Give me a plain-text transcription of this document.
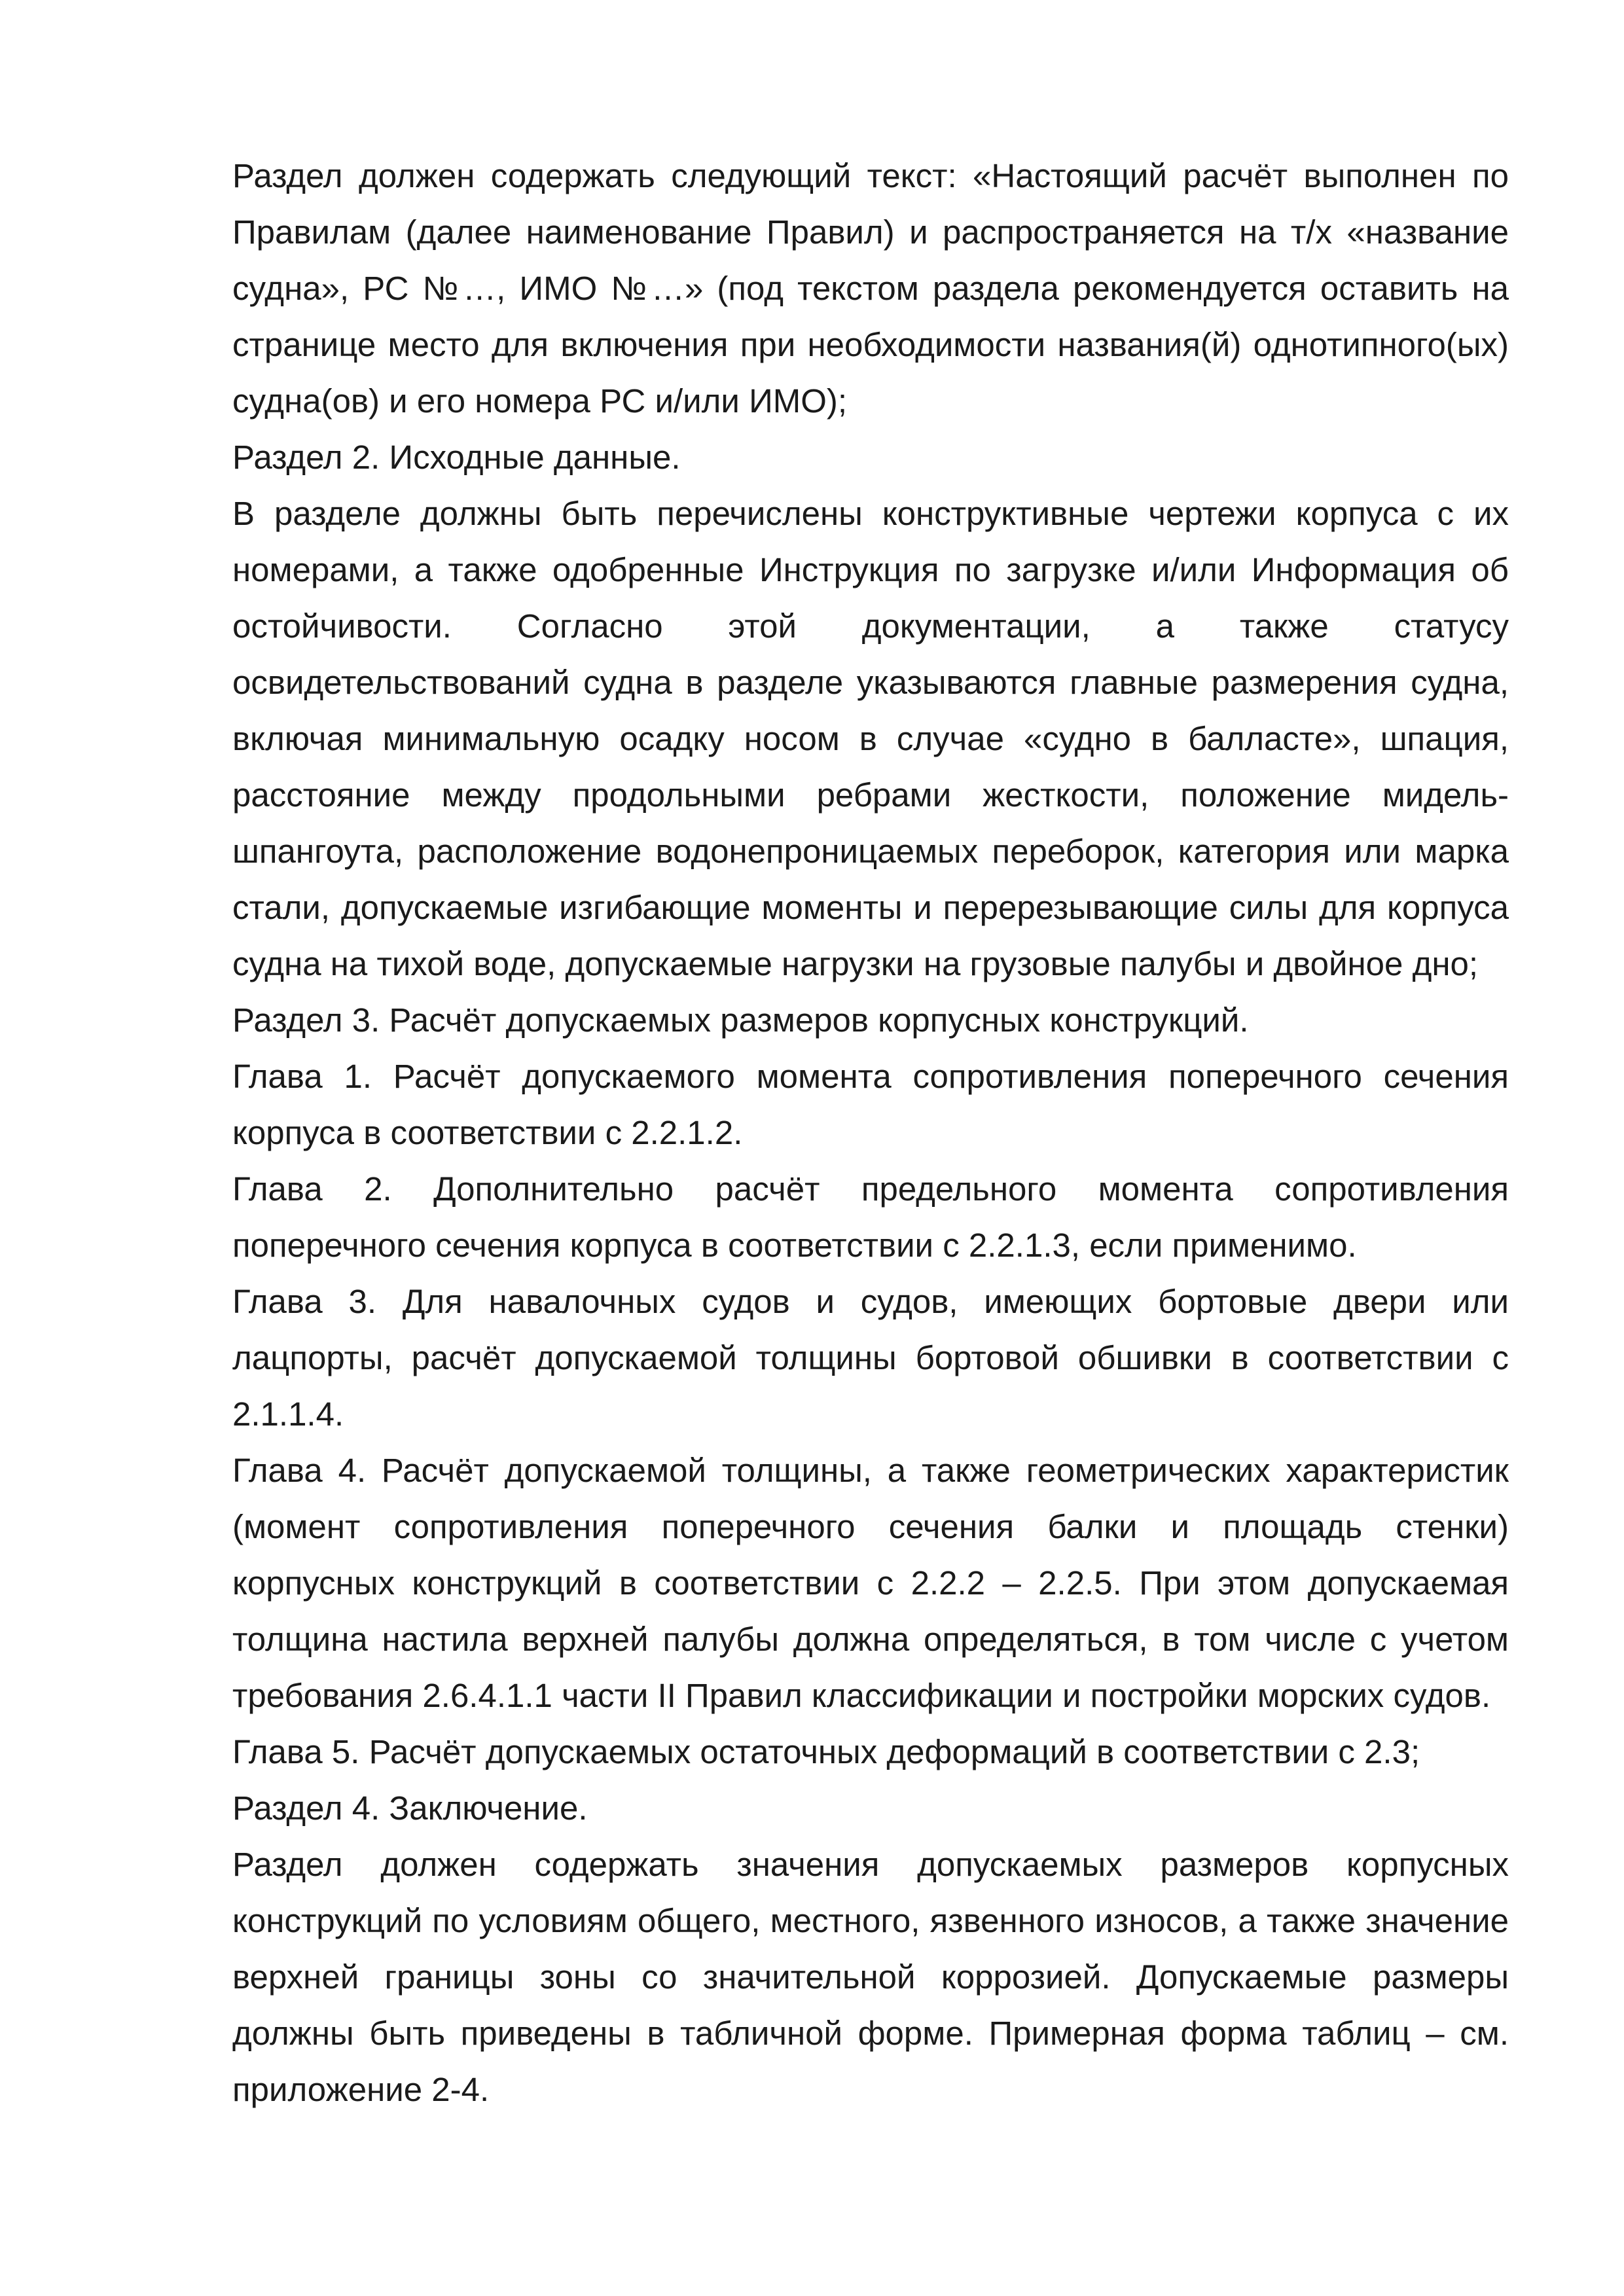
Раздел должен содержать следующий текст: «Настоящий расчёт выполнен по Правилам (далее наименование Правил) и распространяется на т/х «название судна», РС №…, ИМО №…» (под текстом раздела рекомендуется оставить на странице место для включения при необходимости названия(й) однотипного(ых) судна(ов) и его номера РС и/или ИМО);

Раздел 2. Исходные данные.

В разделе должны быть перечислены конструктивные чертежи корпуса с их номерами, а также одобренные Инструкция по загрузке и/или Информация об остойчивости. Согласно этой документации, а также статусу освидетельствований судна в разделе указываются главные размерения судна, включая минимальную осадку носом в случае «судно в балласте», шпация, расстояние между продольными ребрами жесткости, положение мидель-шпангоута, расположение водонепроницаемых переборок, категория или марка стали, допускаемые изгибающие моменты и перерезывающие силы для корпуса судна на тихой воде, допускаемые нагрузки на грузовые палубы и двойное дно;

Раздел 3. Расчёт допускаемых размеров корпусных конструкций.

Глава 1. Расчёт допускаемого момента сопротивления поперечного сечения корпуса в соответствии с 2.2.1.2.

Глава 2. Дополнительно расчёт предельного момента сопротивления поперечного сечения корпуса в соответствии с 2.2.1.3, если применимо.

Глава 3. Для навалочных судов и судов, имеющих бортовые двери или лацпорты, расчёт допускаемой толщины бортовой обшивки в соответствии с 2.1.1.4.

Глава 4. Расчёт допускаемой толщины, а также геометрических характеристик (момент сопротивления поперечного сечения балки и площадь стенки) корпусных конструкций в соответствии с 2.2.2 – 2.2.5. При этом допускаемая толщина настила верхней палубы должна определяться, в том числе с учетом требования 2.6.4.1.1 части II Правил классификации и постройки морских судов.

Глава 5. Расчёт допускаемых остаточных деформаций в соответствии с 2.3;

Раздел 4. Заключение.

Раздел должен содержать значения допускаемых размеров корпусных конструкций по условиям общего, местного, язвенного износов, а также значение верхней границы зоны со значительной коррозией. Допускаемые размеры должны быть приведены в табличной форме. Примерная форма таблиц – см. приложение 2-4.
